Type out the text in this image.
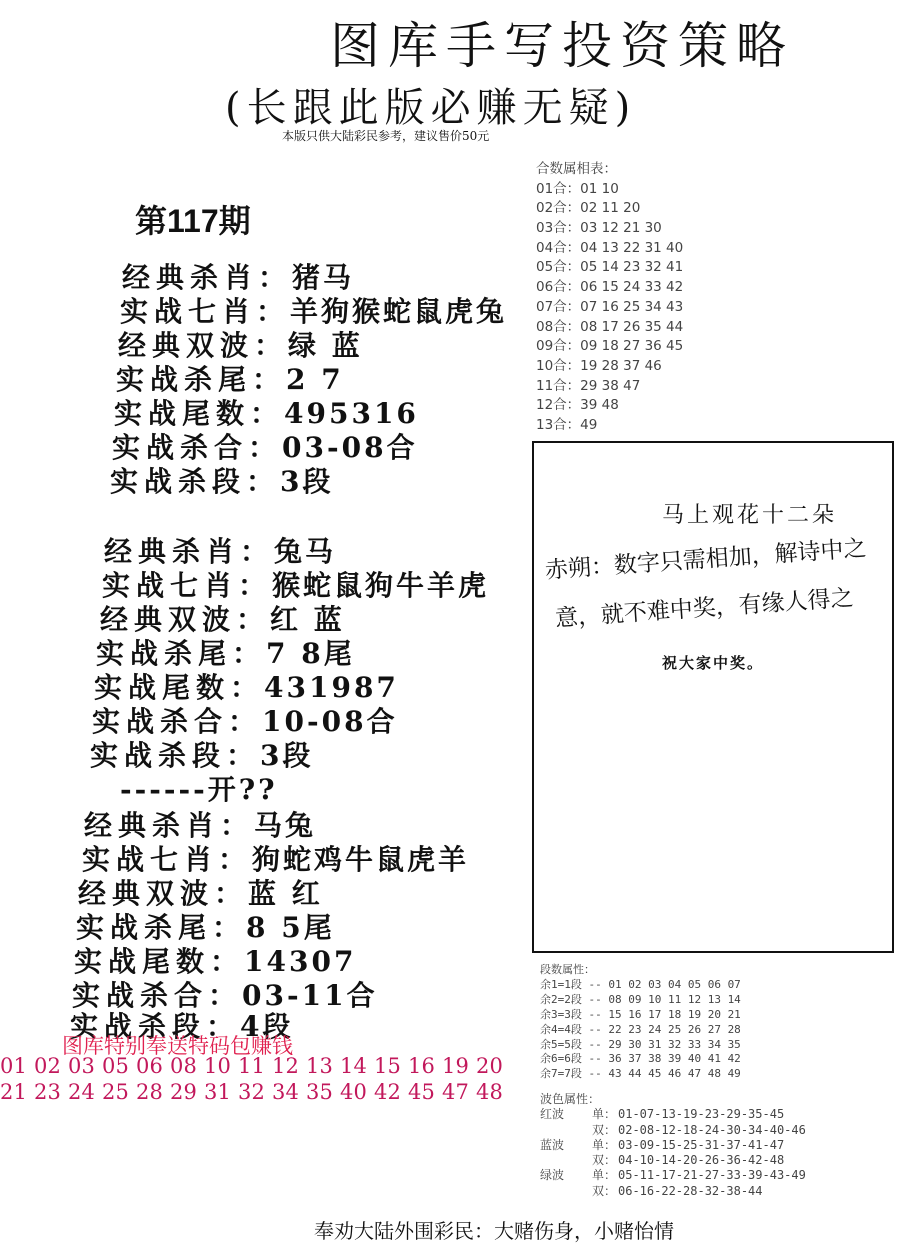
图库手写投资策略
(长跟此版必赚无疑)
本版只供大陆彩民参考，建议售价50元
第117期
经典杀肖：猪马
实战七肖：羊狗猴蛇鼠虎兔
经典双波：绿 蓝
实战杀尾：2 7
实战尾数：495316
实战杀合：03-08合
实战杀段：3段
经典杀肖：兔马
实战七肖：猴蛇鼠狗牛羊虎
经典双波：红 蓝
实战杀尾：7 8尾
实战尾数：431987
实战杀合：10-08合
实战杀段：3段
------开??
经典杀肖：马兔
实战七肖：狗蛇鸡牛鼠虎羊
经典双波：蓝 红
实战杀尾：8 5尾
实战尾数：14307
实战杀合：03-11合
实战杀段：4段
合数属相表：
01合：01 10
02合：02 11 20
03合：03 12 21 30
04合：04 13 22 31 40
05合：05 14 23 32 41
06合：06 15 24 33 42
07合：07 16 25 34 43
08合：08 17 26 35 44
09合：09 18 27 36 45
10合：19 28 37 46
11合：29 38 47
12合：39 48
13合：49
马上观花十二朵
赤朔：数字只需相加，解诗中之
意，就不难中奖，有缘人得之
祝大家中奖。
段数属性：
余1=1段 -- 01 02 03 04 05 06 07
余2=2段 -- 08 09 10 11 12 13 14
余3=3段 -- 15 16 17 18 19 20 21
余4=4段 -- 22 23 24 25 26 27 28
余5=5段 -- 29 30 31 32 33 34 35
余6=6段 -- 36 37 38 39 40 41 42
余7=7段 -- 43 44 45 46 47 48 49
波色属性：
红波 单： 01-07-13-19-23-29-35-45
双： 02-08-12-18-24-30-34-40-46
蓝波 单： 03-09-15-25-31-37-41-47
双： 04-10-14-20-26-36-42-48
绿波 单： 05-11-17-21-27-33-39-43-49
双： 06-16-22-28-32-38-44
图库特别奉送特码包赚钱
01 02 03 05 06 08 10 11 12 13 14 15 16 19 20
21 23 24 25 28 29 31 32 34 35 40 42 45 47 48
奉劝大陆外围彩民：大赌伤身，小赌怡情
